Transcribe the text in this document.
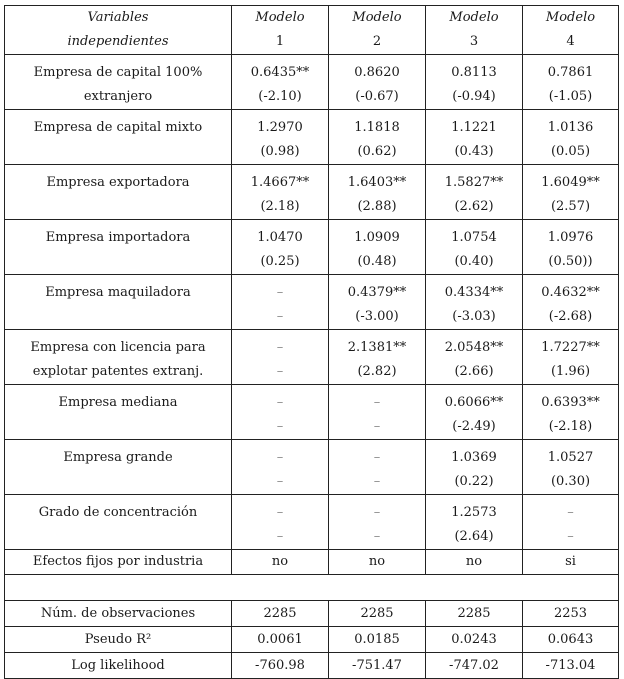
Variables	Modelo	Modelo	Modelo	Modelo
independientes	1	2	3	4

Empresa de capital 100%	0.6435**	0.8620	0.8113	0.7861
extranjero	(-2.10)	(-0.67)	(-0.94)	(-1.05)

Empresa de capital mixto	1.2970	1.1818	1.1221	1.0136
	(0.98)	(0.62)	(0.43)	(0.05)

Empresa exportadora	1.4667**	1.6403**	1.5827**	1.6049**
	(2.18)	(2.88)	(2.62)	(2.57)

Empresa importadora	1.0470	1.0909	1.0754	1.0976
	(0.25)	(0.48)	(0.40)	(0.50))

Empresa maquiladora	–	0.4379**	0.4334**	0.4632**
	–	(-3.00)	(-3.03)	(-2.68)

Empresa con licencia para	–	2.1381**	2.0548**	1.7227**
explotar patentes extranj.	–	(2.82)	(2.66)	(1.96)

Empresa mediana	–	–	0.6066**	0.6393**
	–	–	(-2.49)	(-2.18)

Empresa grande	–	–	1.0369	1.0527
	–	–	(0.22)	(0.30)

Grado de concentración	–	–	1.2573	–
	–	–	(2.64)	–
Efectos fijos por industria	no	no	no	si

Núm. de observaciones	2285	2285	2285	2253
Pseudo R²	0.0061	0.0185	0.0243	0.0643
Log likelihood	-760.98	-751.47	-747.02	-713.04
